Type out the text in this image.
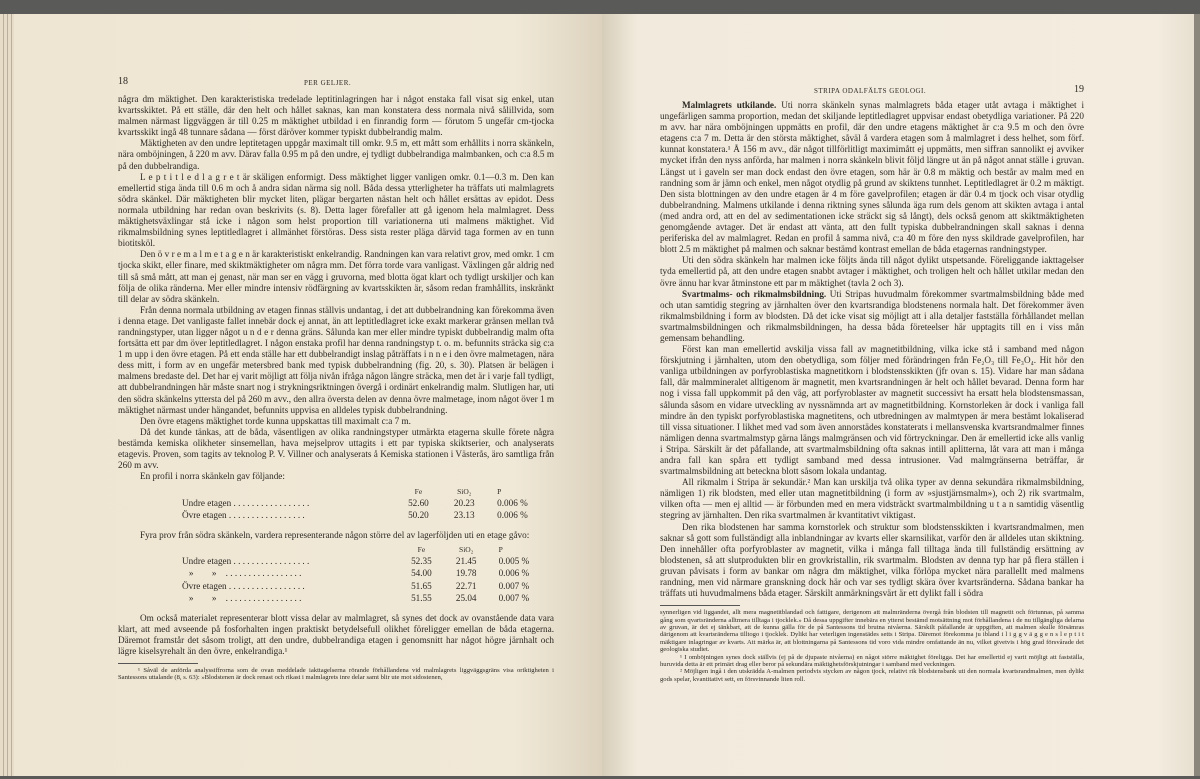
18	PER GELJER.

några dm mäktighet. Den karakteristiska tredelade leptitinlagringen har i något enstaka fall visat sig enkel, utan kvartsskiktet. På ett ställe, där den helt och hållet saknas, kan man konstatera dess normala nivå sålillvida, som malmen närmast liggväggen är till 0.25 m mäktighet utbildad i en finrandig form — förutom 5 ungefär cm-tjocka kvartsskikt ingå 48 tunnare sådana — först däröver kommer typiskt dubbelrandig malm.

Mäktigheten av den undre leptitetagen uppgår maximalt till omkr. 9.5 m, ett mått som erhållits i norra skänkeln, nära omböjningen, å 220 m avv. Därav falla 0.95 m på den undre, ej tydligt dubbelrandiga malmbanken, och c:a 8.5 m på den dubbelrandiga.

L e p t i t l e d l a g r e t är skäligen enformigt. Dess mäktighet ligger vanligen omkr. 0.1—0.3 m. Den kan emellertid stiga ända till 0.6 m och å andra sidan närma sig noll. Båda dessa ytterligheter ha träffats uti malmlagrets södra skänkel. Där mäktigheten blir mycket liten, plägar bergarten nästan helt och hållet ersättas av epidot. Dess normala utbildning har redan ovan beskrivits (s. 8). Detta lager förefaller att gå igenom hela malmlagret. Dess mäktighetsväxlingar stå icke i någon som helst proportion till variationerna uti malmens mäktighet. Vid rikmalmsbildning synes leptitledlagret i allmänhet förstöras. Dess sista rester pläga därvid taga formen av en tunn biotitsköl.

Den ö v r e m a l m e t a g e n är karakteristiskt enkelrandig. Randningen kan vara relativt grov, med omkr. 1 cm tjocka skikt, eller finare, med skiktmäktigheter om några mm. Det förra torde vara vanligast. Växlingen går aldrig ned till så små mått, att man ej genast, när man ser en vägg i gruvorna, med blotta ögat klart och tydligt urskiljer och kan följa de olika ränderna. Mer eller mindre intensiv rödfärgning av kvartsskikten är, såsom redan framhållits, inskränkt till delar av södra skänkeln.

Från denna normala utbildning av etagen finnas ställvis undantag, i det att dubbelrandning kan förekomma även i denna etage. Det vanligaste fallet innebär dock ej annat, än att leptitledlagret icke exakt markerar gränsen mellan två randningstyper, utan ligger något u n d e r denna gräns. Sålunda kan mer eller mindre typiskt dubbelrandig malm ofta fortsätta ett par dm över leptitledlagret. I någon enstaka profil har denna randningstyp t. o. m. befunnits sträcka sig c:a 1 m upp i den övre etagen. På ett enda ställe har ett dubbelrandigt inslag påträffats i n n e i den övre malmetagen, nära dess mitt, i form av en ungefär metersbred bank med typisk dubbelrandning (fig. 20, s. 30). Platsen är belägen i malmens bredaste del. Det har ej varit möjligt att följa nivån ifråga någon längre sträcka, men det är i varje fall tydligt, att dubbelrandningen här måste snart nog i strykningsriktningen övergå i ordinärt enkelrandig malm. Slutligen har, uti den södra skänkelns yttersta del på 260 m avv., den allra översta delen av denna övre malmetage, inom något över 1 m mäktighet närmast under hängandet, befunnits uppvisa en alldeles typisk dubbelrandning.

Den övre etagens mäktighet torde kunna uppskattas till maximalt c:a 7 m.

Då det kunde tänkas, att de båda, väsentligen av olika randningstyper utmärkta etagerna skulle förete några bestämda kemiska olikheter sinsemellan, hava mejselprov uttagits i ett par typiska skiktserier, och analyserats etagevis. Proven, som tagits av teknolog P. V. Villner och analyserats å Kemiska stationen i Västerås, äro samtliga från 260 m avv.

En profil i norra skänkeln gav följande:

	Fe	SiO₂	P
Undre etagen . . . . . . . . . . . . . . . . .	52.60	20.23	0.006 %
Övre etagen . . . . . . . . . . . . . . . . .	50.20	23.13	0.006 %

Fyra prov från södra skänkeln, vardera representerande någon större del av lagerföljden uti en etage gåvo:

	Fe	SiO₂	P
Undre etagen . . . . . . . . . . . . . . . . .	52.35	21.45	0.005 %
»        »    . . . . . . . . . . . . . . . . .	54.00	19.78	0.006 %
Övre etagen . . . . . . . . . . . . . . . . .	51.65	22.71	0.007 %
»        »    . . . . . . . . . . . . . . . . .	51.55	25.04	0.007 %

Om också materialet representerar blott vissa delar av malmlagret, så synes det dock av ovanstående data vara klart, att med avseende på fosforhalten ingen praktiskt betydelsefull olikhet föreligger emellan de båda etagerna. Däremot framstår det såsom troligt, att den undre, dubbelrandiga etagen i genomsnitt har något högre järnhalt och lägre kiselsyrehalt än den övre, enkelrandiga.¹

¹ Såväl de anförda analyssiffrorna som de ovan meddelade iakttagelserna rörande förhållandena vid malmlagrets liggväggsgräns visa oriktigheten i Santessons uttalande (8, s. 63): »Blodstenen är dock renast och rikast i malmlagrets inre delar samt blir ute mot sidostenen,

STRIPA ODALFÄLTS GEOLOGI.	19

Malmlagrets utkilande. Uti norra skänkeln synas malmlagrets båda etager utåt avtaga i mäktighet i ungefärligen samma proportion, medan det skiljande leptitledlagret uppvisar endast obetydliga variationer. På 220 m avv. har nära omböjningen uppmätts en profil, där den undre etagens mäktighet är c:a 9.5 m och den övre etagens c:a 7 m. Detta är den största mäktighet, såväl å vardera etagen som å malmlagret i dess helhet, som förf. kunnat konstatera.¹ Å 156 m avv., där något tillförlitligt maximimått ej uppmätts, men siffran sannolikt ej avviker mycket ifrån den nyss anförda, har malmen i norra skänkeln blivit följd längre ut än på något annat ställe i gruvan. Längst ut i gaveln ser man dock endast den övre etagen, som här är 0.8 m mäktig och består av malm med en randning som är jämn och enkel, men något otydlig på grund av skiktens tunnhet. Leptitledlagret är 0.2 m mäktigt. Den sista blottningen av den undre etagen är 4 m före gavelprofilen; etagen är där 0.4 m tjock och visar otydlig dubbelrandning. Malmens utkilande i denna riktning synes sålunda äga rum dels genom att skikten avtaga i antal (med andra ord, att en del av sedimentationen icke sträckt sig så långt), dels också genom att skiktmäktigheten genomgående avtager. Det är endast att vänta, att den fullt typiska dubbelrandningen skall saknas i denna periferiska del av malmlagret. Redan en profil å samma nivå, c:a 40 m före den nyss skildrade gavelprofilen, har blott 2.5 m mäktighet på malmen och saknar bestämd kontrast emellan de båda etagernas randningstyper.

Uti den södra skänkeln har malmen icke följts ända till något dylikt utspetsande. Föreliggande iakttagelser tyda emellertid på, att den undre etagen snabbt avtager i mäktighet, och troligen helt och hållet utkilar medan den övre ännu har kvar åtminstone ett par m mäktighet (tavla 2 och 3).

Svartmalms- och rikmalmsbildning. Uti Stripas huvudmalm förekommer svartmalmsbildning både med och utan samtidig stegring av järnhalten över den kvartsrandiga blodstenens normala halt. Det förekommer även rikmalmsbildning i form av blodsten. Då det icke visat sig möjligt att i alla detaljer fastställa förhållandet mellan svartmalmsbildningen och rikmalmsbildningen, ha dessa båda företeelser här upptagits till en i viss mån gemensam behandling.

Först kan man emellertid avskilja vissa fall av magnetitbildning, vilka icke stå i samband med någon förskjutning i järnhalten, utom den obetydliga, som följer med förändringen från Fe₂O₃ till Fe₃O₄. Hit hör den vanliga utbildningen av porfyroblastiska magnetitkorn i blodstensskikten (jfr ovan s. 15). Vidare har man sådana fall, där malmmineralet alltigenom är magnetit, men kvartsrandningen är helt och hållet bevarad. Denna form har nog i vissa fall uppkommit på den väg, att porfyroblaster av magnetit successivt ha ersatt hela blodstensmassan, sålunda såsom en vidare utveckling av nyssnämnda art av magnetitbildning. Kornstorleken är dock i vanliga fall mindre än den typiskt porfyroblastiska magnetitens, och utbredningen av malmtypen är mera bestämt lokaliserad till vissa situationer. I likhet med vad som även annorstädes konstaterats i mellansvenska kvartsrandmalmer finnes nämligen denna svartmalmstyp gärna längs malmgränsen och vid förtryckningar. Den är emellertid icke alls vanlig i Stripa. Särskilt är det påfallande, att svartmalmsbildning ofta saknas intill aplitterna, låt vara att man i många andra fall kan spåra ett tydligt samband med dessa intrusioner. Vad malmgränserna beträffar, är svartmalmsbildning att beteckna blott såsom lokala undantag.

All rikmalm i Stripa är sekundär.² Man kan urskilja två olika typer av denna sekundära rikmalmsbildning, nämligen 1) rik blodsten, med eller utan magnetitbildning (i form av »sjustjärnsmalm»), och 2) rik svartmalm, vilken ofta — men ej alltid — är förbunden med en mera vidsträckt svartmalmbildning u t a n samtidig väsentlig stegring av järnhalten. Den rika svartmalmen är kvantitativt viktigast.

Den rika blodstenen har samma kornstorlek och struktur som blodstensskikten i kvartsrandmalmen, men saknar så gott som fullständigt alla inblandningar av kvarts eller skarnsilikat, varför den är alldeles utan skiktning. Den innehåller ofta porfyroblaster av magnetit, vilka i många fall tilltaga ända till fullständig ersättning av blodstenen, så att slutprodukten blir en grovkristallin, rik svartmalm. Blodsten av denna typ har på flera ställen i gruvan påvisats i form av bankar om några dm mäktighet, vilka förlöpa mycket nära parallellt med malmens randning, men vid närmare granskning dock här och var ses tydligt skära över kvartsränderna. Sådana bankar ha träffats uti huvudmalmens båda etager. Särskilt anmärkningsvärt är ett dylikt fall i södra

synnerligen vid liggandet, allt mera magnetitblandad och fattigare, derigenom att malmränderna övergå från blodsten till magnetit och förtunnas, på samma gång som qvartsränderna alltmera tilltaga i tjocklek.» Då dessa uppgifter innebära en ytterst bestämd motsättning mot förhållandena i de nu tillgängliga delarna av gruvan, är det ej tänkbart, att de kunna gälla för de på Santessons tid brutna nivåerna. Särskilt påfallande är uppgiften, att malmen skulle försämras därigenom att kvartsränderna tilltogo i tjocklek. Dylikt har veterligen ingenstädes setts i Stripa. Däremot förekomma ju ibland i l i g g v ä g g e n s l e p t i t mäktigare inlagringar av kvarts. Att märka är, att blottningarna på Santessons tid voro vida mindre omfattande än nu, vilket givetvis i hög grad försvårade det geologiska studiet.

¹ I omböjningen synes dock ställvis (ej på de djupaste nivåerna) en något större mäktighet föreligga. Det har emellertid ej varit möjligt att fastställa, huruvida detta är ett primärt drag eller beror på sekundära mäktighetsförskjutningar i samband med veckningen.

² Möjligen ingå i den utskrädda A-malmen periodvis stycken av någon tjock, relativt rik blodstensbank uti den normala kvartsrandmalmen, men dylikt gods spelar, kvantitativt sett, en försvinnande liten roll.
